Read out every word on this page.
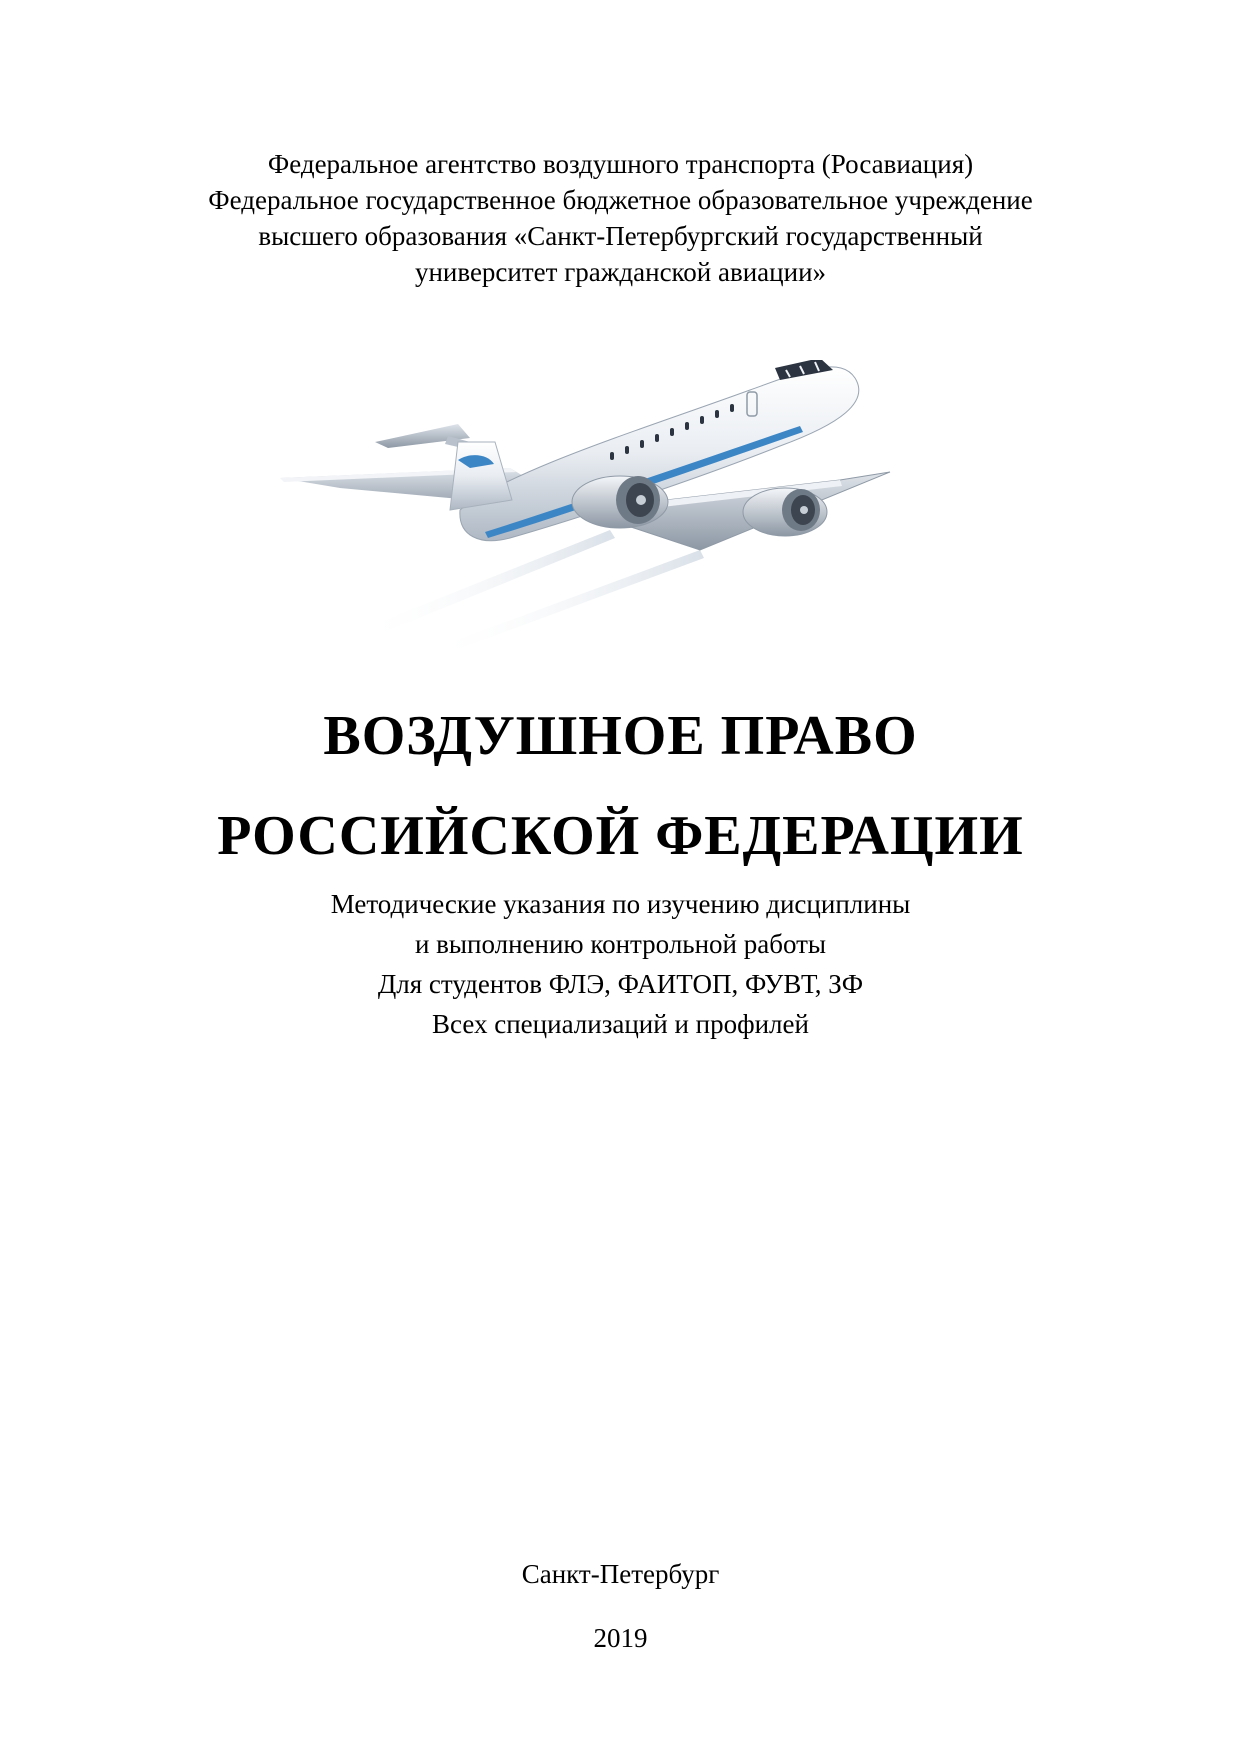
Федеральное агентство воздушного транспорта (Росавиация)
Федеральное государственное бюджетное образовательное учреждение
высшего образования «Санкт-Петербургский государственный
университет гражданской авиации»
ВОЗДУШНОЕ ПРАВО
РОССИЙСКОЙ ФЕДЕРАЦИИ
Методические указания по изучению дисциплины
и выполнению контрольной работы
Для студентов ФЛЭ, ФАИТОП, ФУВТ, ЗФ
Всех специализаций и профилей
Санкт-Петербург
2019
